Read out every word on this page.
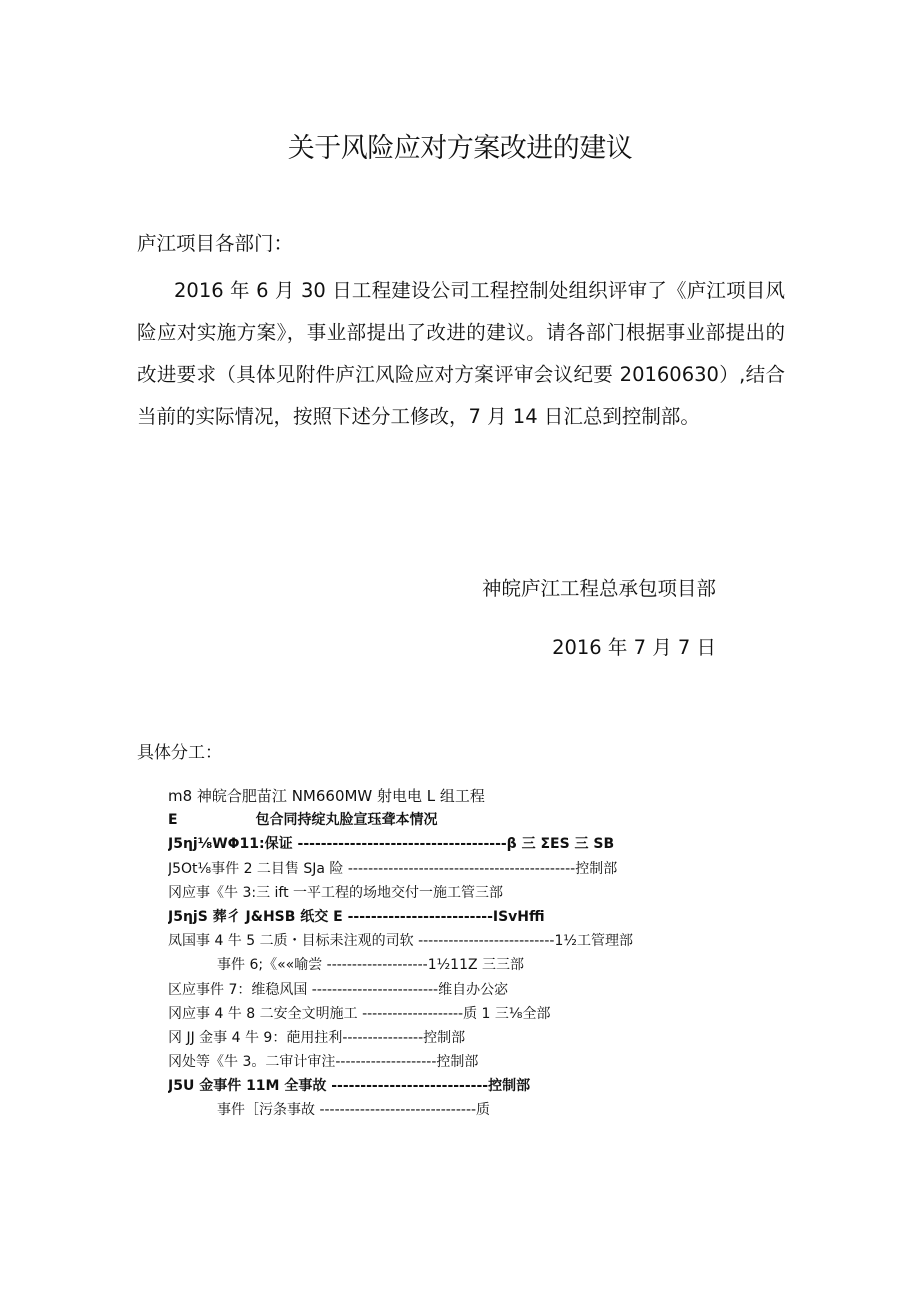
关于风险应对方案改进的建议
庐江项目各部门：

2016 年 6 月 30 日工程建设公司工程控制处组织评审了《庐江项目风险应对实施方案》，事业部提出了改进的建议。请各部门根据事业部提出的改进要求（具体见附件庐江风险应对方案评审会议纪要 20160630）,结合当前的实际情况，按照下述分工修改，7 月 14 日汇总到控制部。

神皖庐江工程总承包项目部
2016 年 7 月 7 日
具体分工：
m8 神皖合肥苗江 NM660MW 射电电 L 组工程
E                包合同持绽丸脸宣珏聋本情况
J5ηj⅛WΦ11:保证 ------------------------------------β 三 ΣES 三 SB
J5Ot⅛事件 2 二目售 SJa 险 ---------------------------------------------控制部
冈应事《牛 3:三 ift 一平工程的场地交付一施工管三部
J5ηjS 葬彳 J&HSB 纸交 E -------------------------ISvHffi
凤国事 4 牛 5 二质・目标耒注观的司软 ---------------------------1½工管理部
事件 6;《««喻尝 --------------------1½11Z 三三部
区应事件 7：维稳风国 -------------------------维自办公宓
冈应事 4 牛 8 二安全文明施工 --------------------质 1 三⅛全部
冈 JJ 金事 4 牛 9：葩用拄利----------------控制部
冈处等《牛 3。二审计审注--------------------控制部
J5U 金事件 11M 全事故 ---------------------------控制部
事件［污条事故 -------------------------------质
